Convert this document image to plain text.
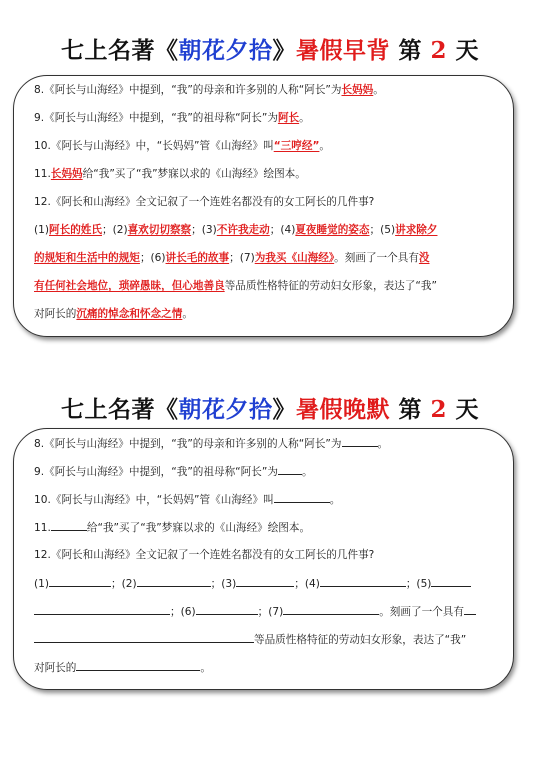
七上名著《朝花夕拾》暑假早背 第 2 天
8.《阿长与山海经》中提到，“我”的母亲和许多别的人称“阿长”为长妈妈。
9.《阿长与山海经》中提到，“我”的祖母称“阿长”为阿长。
10.《阿长与山海经》中，“长妈妈”管《山海经》叫“三哼经”。
11.长妈妈给“我”买了“我”梦寐以求的《山海经》绘图本。
12.《阿长和山海经》全文记叙了一个连姓名都没有的女工阿长的几件事?
(1)阿长的姓氏；(2)喜欢切切察察；(3)不许我走动；(4)夏夜睡觉的姿态；(5)讲求除夕
的规矩和生活中的规矩；(6)讲长毛的故事；(7)为我买《山海经》。刻画了一个具有没
有任何社会地位，琐碎愚昧，但心地善良等品质性格特征的劳动妇女形象，表达了“我”
对阿长的沉痛的悼念和怀念之情。
七上名著《朝花夕拾》暑假晚默 第 2 天
8.《阿长与山海经》中提到，“我”的母亲和许多别的人称“阿长”为	。
9.《阿长与山海经》中提到，“我”的祖母称“阿长”为 。
10.《阿长与山海经》中，“长妈妈”管《山海经》叫	。
11.	给“我”买了“我”梦寐以求的《山海经》绘图本。
12.《阿长和山海经》全文记叙了一个连姓名都没有的女工阿长的几件事?
(1)	；(2)	；(3)	；(4)	；(5)
；(6)	；(7)	。刻画了一个具有
等品质性格特征的劳动妇女形象，表达了“我”
对阿长的	。
